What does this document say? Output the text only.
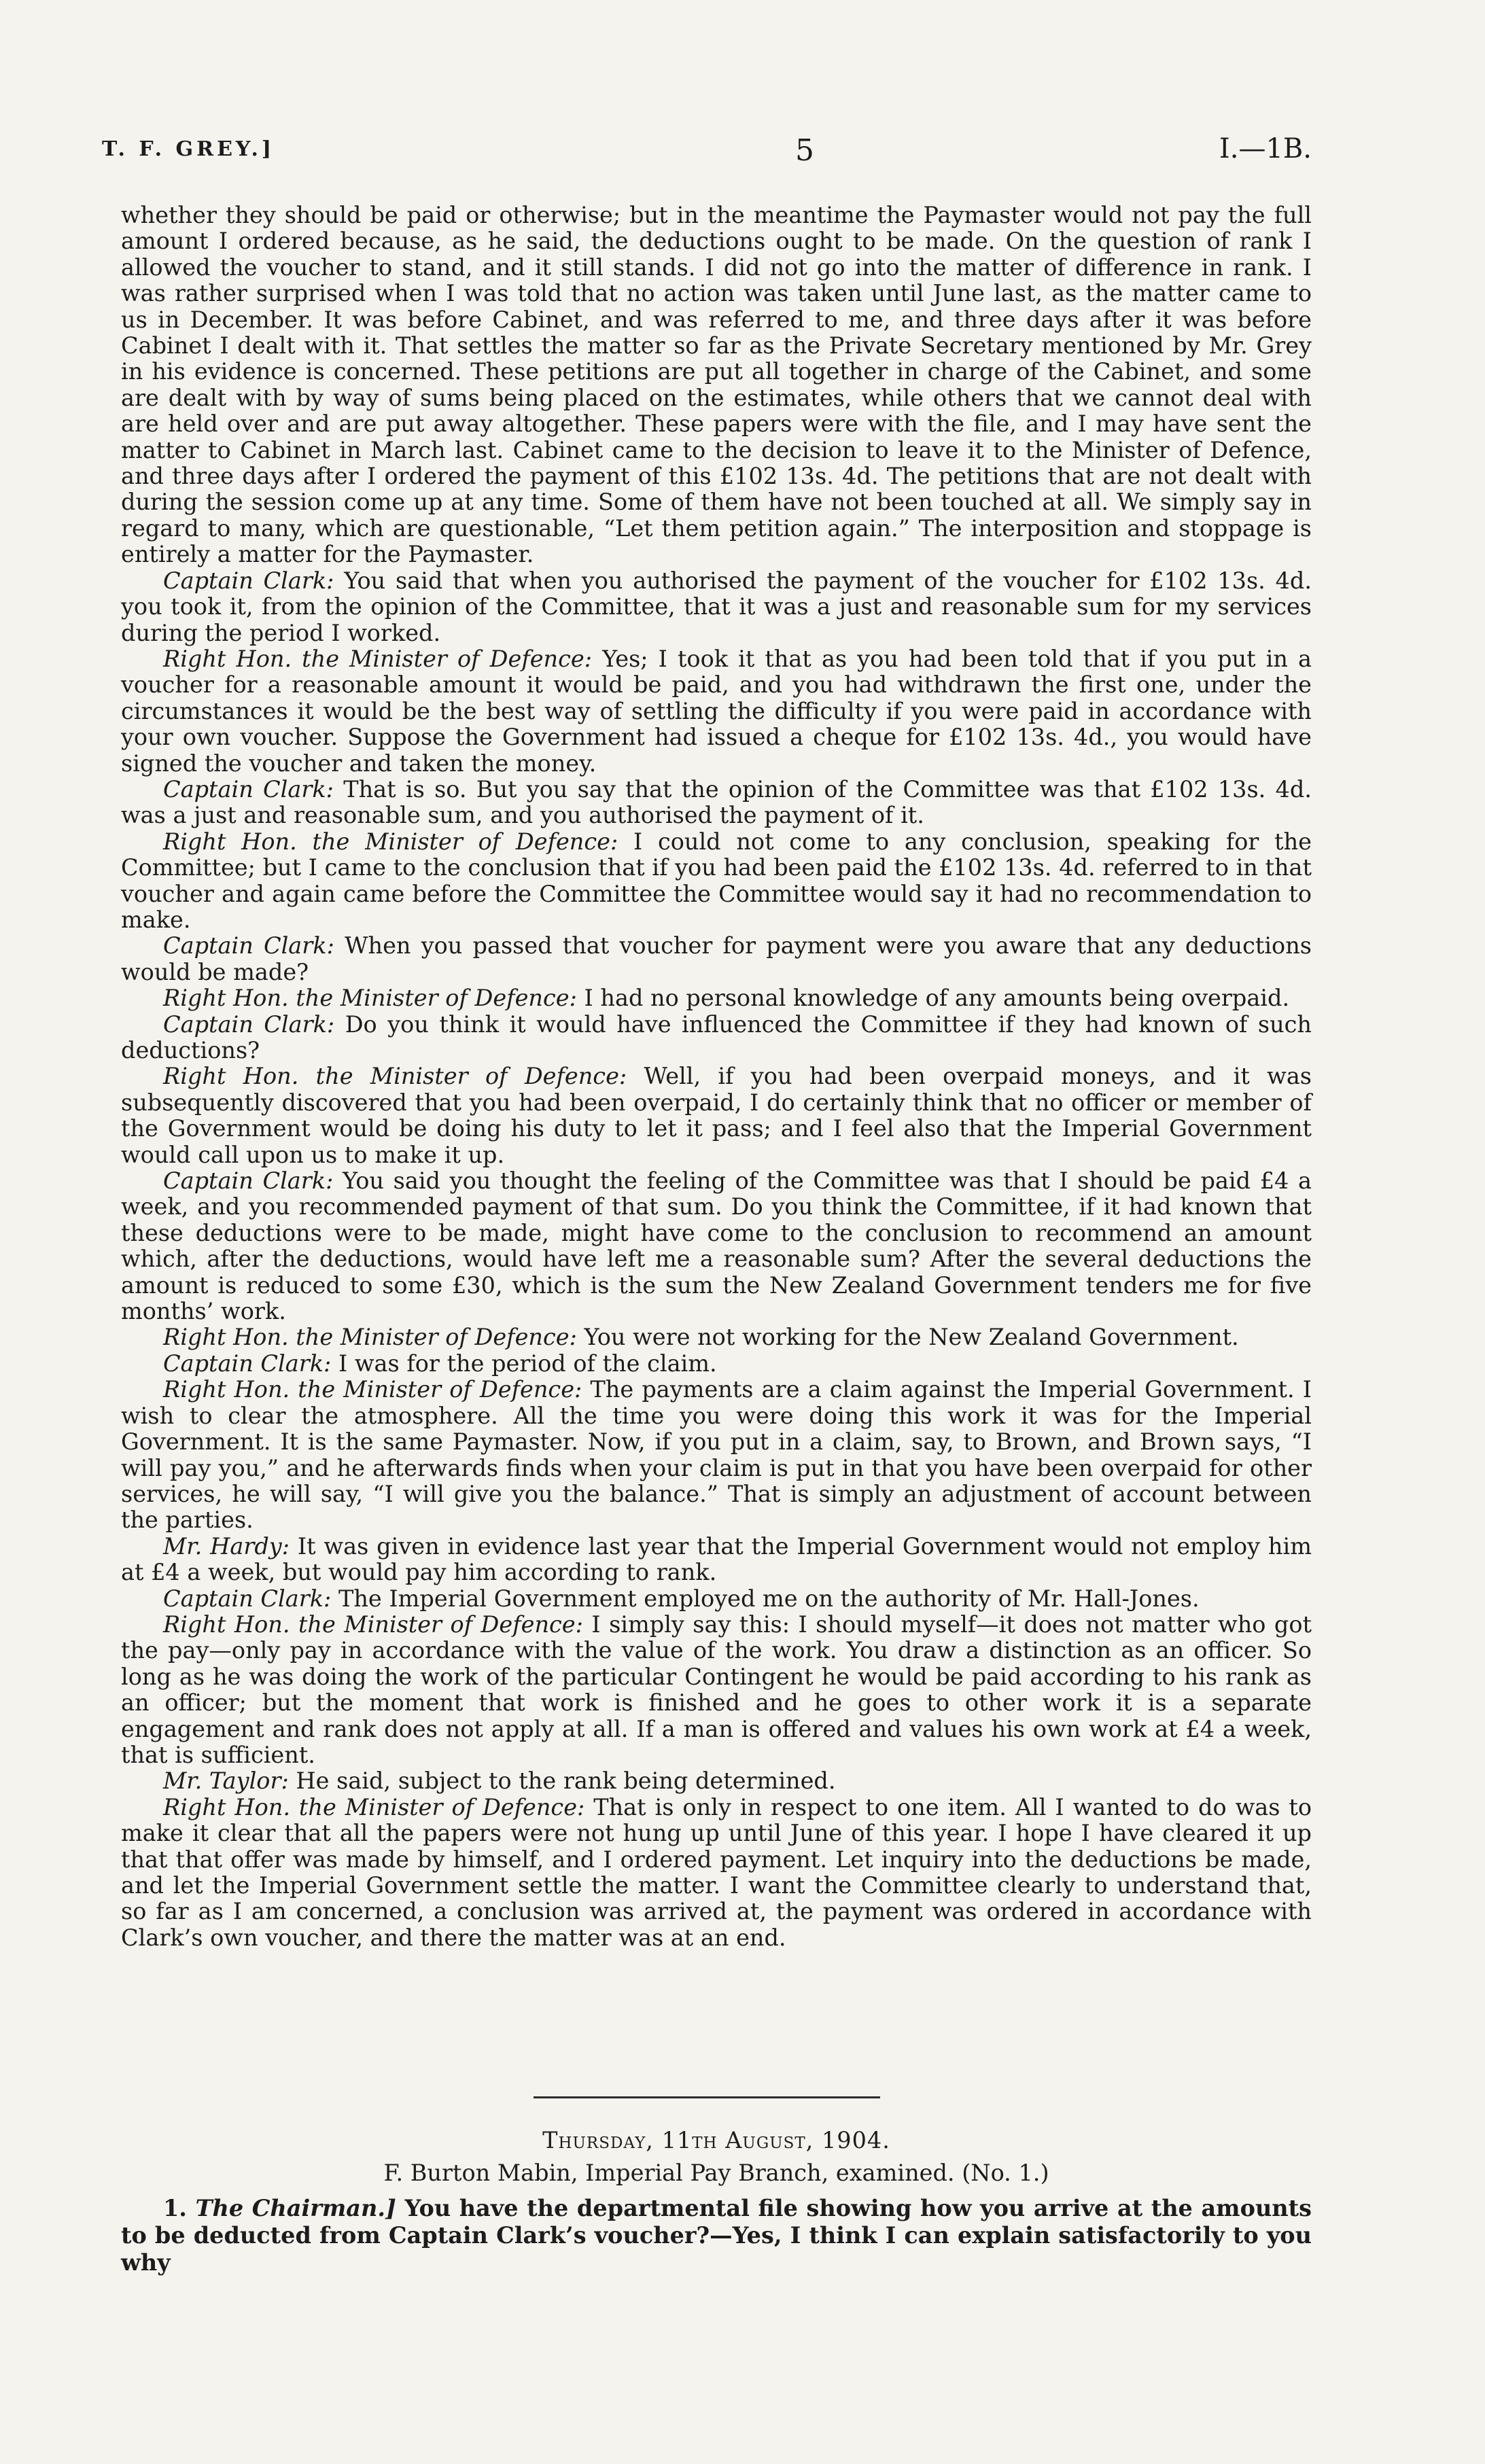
T. F. GREY.]	5	I.—1B.

whether they should be paid or otherwise; but in the meantime the Paymaster would not pay the full amount I ordered because, as he said, the deductions ought to be made. On the question of rank I allowed the voucher to stand, and it still stands. I did not go into the matter of difference in rank. I was rather surprised when I was told that no action was taken until June last, as the matter came to us in December. It was before Cabinet, and was referred to me, and three days after it was before Cabinet I dealt with it. That settles the matter so far as the Private Secretary mentioned by Mr. Grey in his evidence is concerned. These petitions are put all together in charge of the Cabinet, and some are dealt with by way of sums being placed on the estimates, while others that we cannot deal with are held over and are put away altogether. These papers were with the file, and I may have sent the matter to Cabinet in March last. Cabinet came to the decision to leave it to the Minister of Defence, and three days after I ordered the payment of this £102 13s. 4d. The petitions that are not dealt with during the session come up at any time. Some of them have not been touched at all. We simply say in regard to many, which are questionable, “Let them petition again.” The interposition and stoppage is entirely a matter for the Paymaster.

Captain Clark: You said that when you authorised the payment of the voucher for £102 13s. 4d. you took it, from the opinion of the Committee, that it was a just and reasonable sum for my services during the period I worked.

Right Hon. the Minister of Defence: Yes; I took it that as you had been told that if you put in a voucher for a reasonable amount it would be paid, and you had withdrawn the first one, under the circumstances it would be the best way of settling the difficulty if you were paid in accordance with your own voucher. Suppose the Government had issued a cheque for £102 13s. 4d., you would have signed the voucher and taken the money.

Captain Clark: That is so. But you say that the opinion of the Committee was that £102 13s. 4d. was a just and reasonable sum, and you authorised the payment of it.

Right Hon. the Minister of Defence: I could not come to any conclusion, speaking for the Committee; but I came to the conclusion that if you had been paid the £102 13s. 4d. referred to in that voucher and again came before the Committee the Committee would say it had no recommendation to make.

Captain Clark: When you passed that voucher for payment were you aware that any deductions would be made?

Right Hon. the Minister of Defence: I had no personal knowledge of any amounts being overpaid.

Captain Clark: Do you think it would have influenced the Committee if they had known of such deductions?

Right Hon. the Minister of Defence: Well, if you had been overpaid moneys, and it was subsequently discovered that you had been overpaid, I do certainly think that no officer or member of the Government would be doing his duty to let it pass; and I feel also that the Imperial Government would call upon us to make it up.

Captain Clark: You said you thought the feeling of the Committee was that I should be paid £4 a week, and you recommended payment of that sum. Do you think the Committee, if it had known that these deductions were to be made, might have come to the conclusion to recommend an amount which, after the deductions, would have left me a reasonable sum? After the several deductions the amount is reduced to some £30, which is the sum the New Zealand Government tenders me for five months’ work.

Right Hon. the Minister of Defence: You were not working for the New Zealand Government.

Captain Clark: I was for the period of the claim.

Right Hon. the Minister of Defence: The payments are a claim against the Imperial Government. I wish to clear the atmosphere. All the time you were doing this work it was for the Imperial Government. It is the same Paymaster. Now, if you put in a claim, say, to Brown, and Brown says, “I will pay you,” and he afterwards finds when your claim is put in that you have been overpaid for other services, he will say, “I will give you the balance.” That is simply an adjustment of account between the parties.

Mr. Hardy: It was given in evidence last year that the Imperial Government would not employ him at £4 a week, but would pay him according to rank.

Captain Clark: The Imperial Government employed me on the authority of Mr. Hall-Jones.

Right Hon. the Minister of Defence: I simply say this: I should myself—it does not matter who got the pay—only pay in accordance with the value of the work. You draw a distinction as an officer. So long as he was doing the work of the particular Contingent he would be paid according to his rank as an officer; but the moment that work is finished and he goes to other work it is a separate engagement and rank does not apply at all. If a man is offered and values his own work at £4 a week, that is sufficient.

Mr. Taylor: He said, subject to the rank being determined.

Right Hon. the Minister of Defence: That is only in respect to one item. All I wanted to do was to make it clear that all the papers were not hung up until June of this year. I hope I have cleared it up that that offer was made by himself, and I ordered payment. Let inquiry into the deductions be made, and let the Imperial Government settle the matter. I want the Committee clearly to understand that, so far as I am concerned, a conclusion was arrived at, the payment was ordered in accordance with Clark’s own voucher, and there the matter was at an end.

Thursday, 11th August, 1904.
F. Burton Mabin, Imperial Pay Branch, examined. (No. 1.)
1. The Chairman.] You have the departmental file showing how you arrive at the amounts to be deducted from Captain Clark’s voucher?—Yes, I think I can explain satisfactorily to you why
